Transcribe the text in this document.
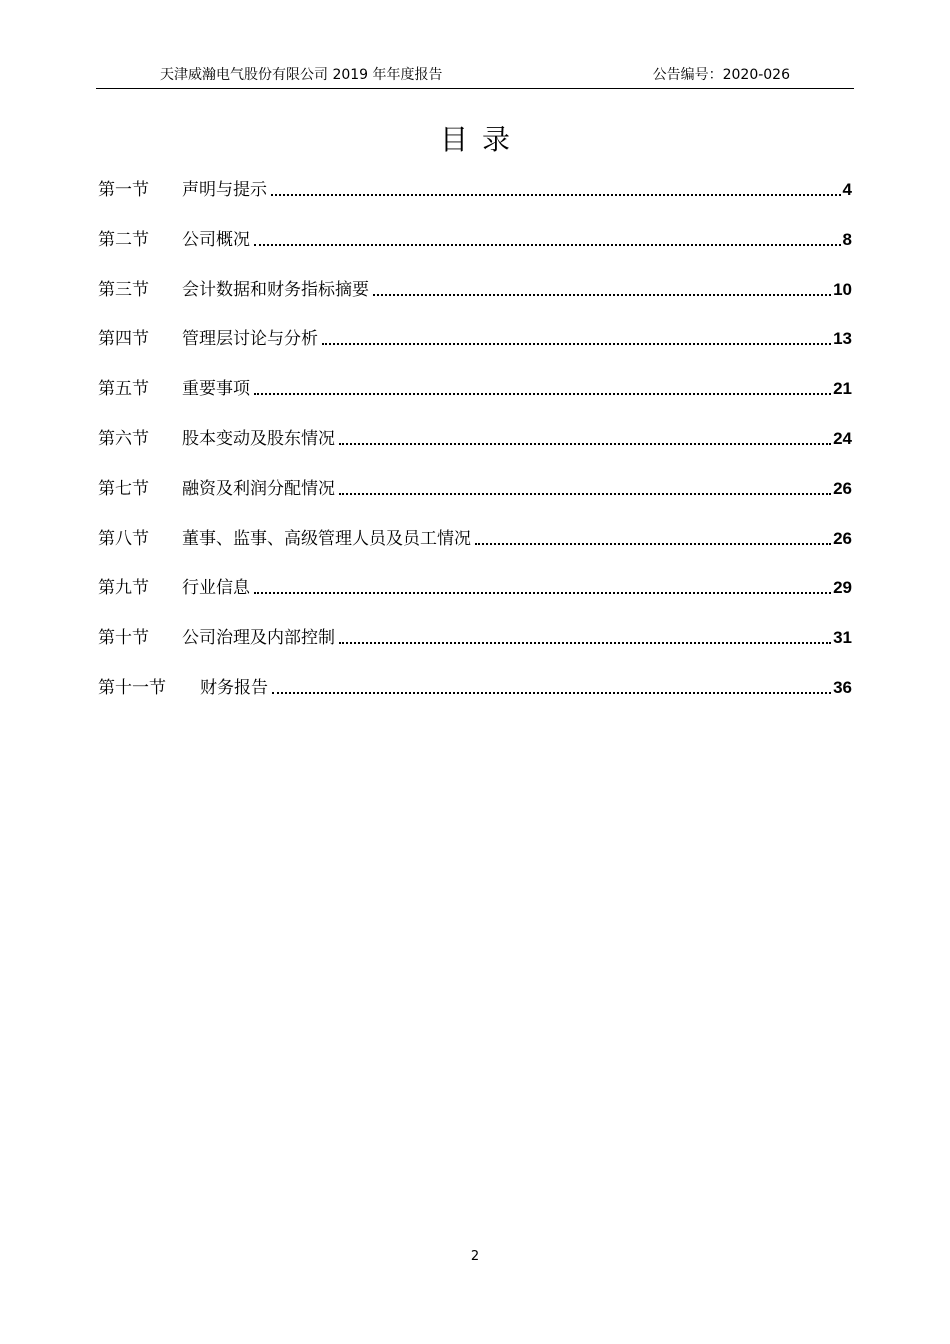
天津威瀚电气股份有限公司 2019 年年度报告	公告编号：2020-026
目录
第一节	声明与提示	4
第二节	公司概况	8
第三节	会计数据和财务指标摘要	10
第四节	管理层讨论与分析	13
第五节	重要事项	21
第六节	股本变动及股东情况	24
第七节	融资及利润分配情况	26
第八节	董事、监事、高级管理人员及员工情况	26
第九节	行业信息	29
第十节	公司治理及内部控制	31
第十一节	财务报告	36
2
